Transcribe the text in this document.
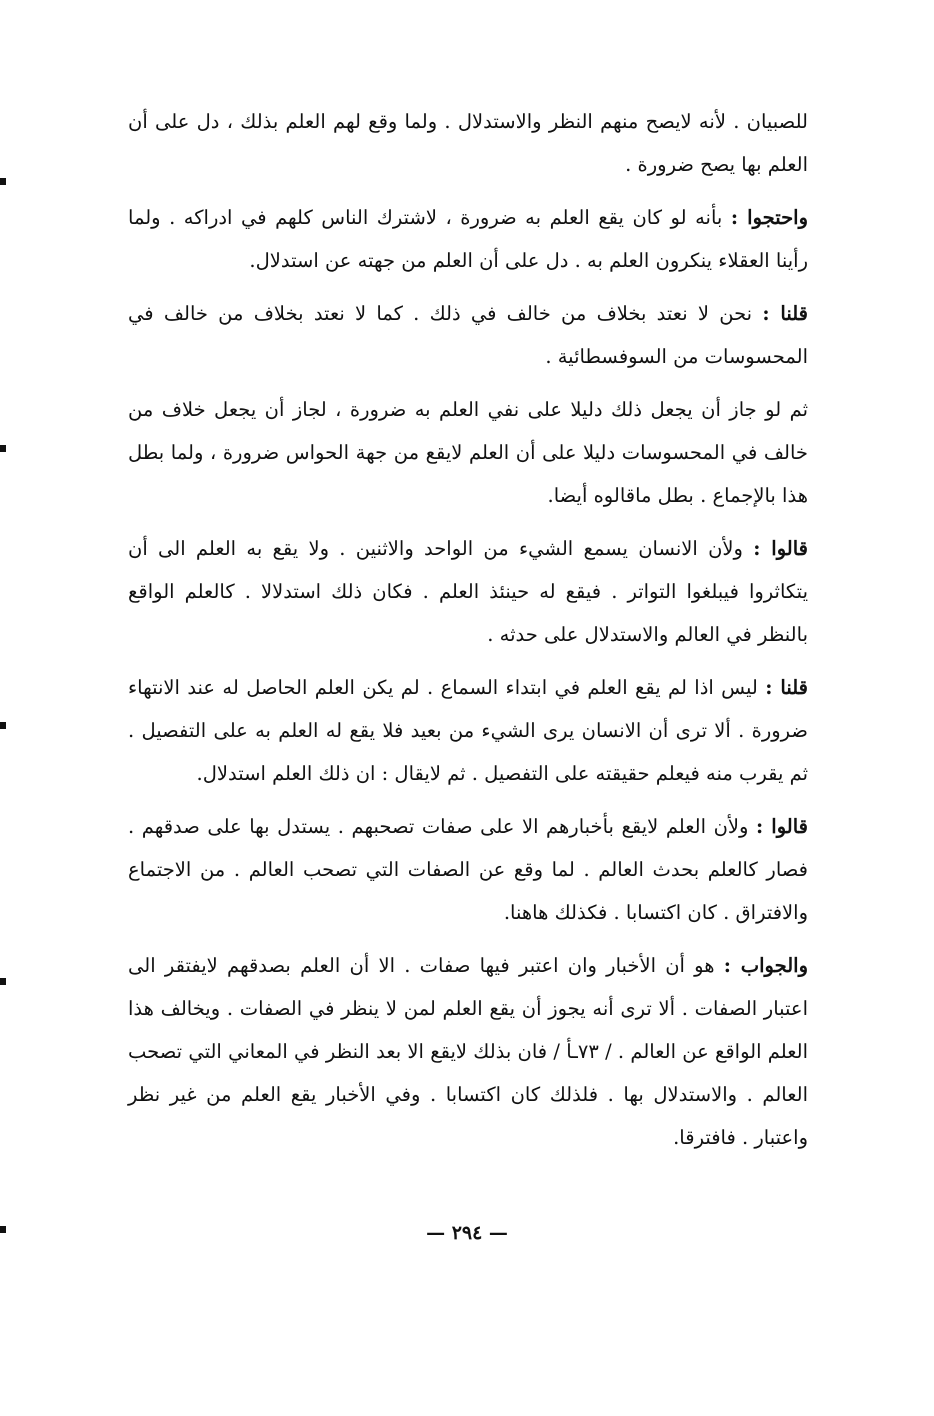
للصبيان . لأنه لايصح منهم النظر والاستدلال . ولما وقع لهم العلم بذلك ، دل على أن العلم بها يصح ضرورة .

واحتجوا : بأنه لو كان يقع العلم به ضرورة ، لاشترك الناس كلهم في ادراكه . ولما رأينا العقلاء ينكرون العلم به . دل على أن العلم من جهته عن استدلال.

قلنا : نحن لا نعتد بخلاف من خالف في ذلك . كما لا نعتد بخلاف من خالف في المحسوسات من السوفسطائية .

ثم لو جاز أن يجعل ذلك دليلا على نفي العلم به ضرورة ، لجاز أن يجعل خلاف من خالف في المحسوسات دليلا على أن العلم لايقع من جهة الحواس ضرورة ، ولما بطل هذا بالإجماع . بطل ماقالوه أيضا.

قالوا : ولأن الانسان يسمع الشيء من الواحد والاثنين . ولا يقع به العلم الى أن يتكاثروا فيبلغوا التواتر . فيقع له حينئذ العلم . فكان ذلك استدلالا . كالعلم الواقع بالنظر في العالم والاستدلال على حدثه .

قلنا : ليس اذا لم يقع العلم في ابتداء السماع . لم يكن العلم الحاصل له عند الانتهاء ضرورة . ألا ترى أن الانسان يرى الشيء من بعيد فلا يقع له العلم به على التفصيل . ثم يقرب منه فيعلم حقيقته على التفصيل . ثم لايقال : ان ذلك العلم استدلال.

قالوا : ولأن العلم لايقع بأخبارهم الا على صفات تصحبهم . يستدل بها على صدقهم . فصار كالعلم بحدث العالم . لما وقع عن الصفات التي تصحب العالم . من الاجتماع والافتراق . كان اكتسابا . فكذلك هاهنا.

والجواب : هو أن الأخبار وان اعتبر فيها صفات . الا أن العلم بصدقهم لايفتقر الى اعتبار الصفات . ألا ترى أنه يجوز أن يقع العلم لمن لا ينظر في الصفات . ويخالف هذا العلم الواقع عن العالم . / ٧٣ـأ / فان بذلك لايقع الا بعد النظر في المعاني التي تصحب العالم . والاستدلال بها . فلذلك كان اكتسابا . وفي الأخبار يقع العلم من غير نظر واعتبار . فافترقا.

— ٢٩٤ —
